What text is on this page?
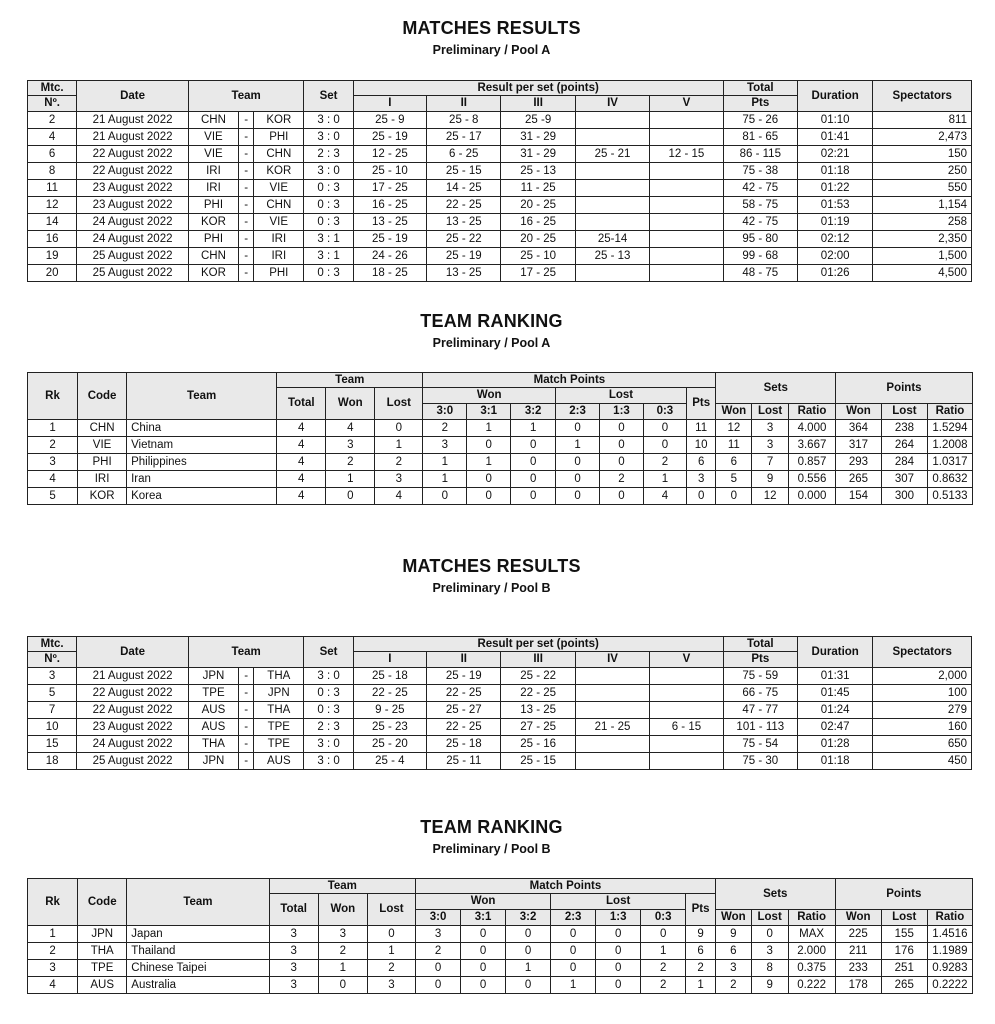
MATCHES RESULTS
Preliminary / Pool A
Mtc.	Date	Team			Set	Result per set (points)					Total	Duration	Spectators
Nº.						I	II	III	IV	V	Pts		
2	21 August 2022	CHN	-	KOR	3 : 0	25 - 9	25 - 8	25 -9			75 - 26	01:10	811
4	21 August 2022	VIE	-	PHI	3 : 0	25 - 19	25 - 17	31 - 29			81 - 65	01:41	2,473
6	22 August 2022	VIE	-	CHN	2 : 3	12 - 25	6 - 25	31 - 29	25 - 21	12 - 15	86 - 115	02:21	150
8	22 August 2022	IRI	-	KOR	3 : 0	25 - 10	25 - 15	25 - 13			75 - 38	01:18	250
11	23 August 2022	IRI	-	VIE	0 : 3	17 - 25	14 - 25	11 - 25			42 - 75	01:22	550
12	23 August 2022	PHI	-	CHN	0 : 3	16 - 25	22 - 25	20 - 25			58 - 75	01:53	1,154
14	24 August 2022	KOR	-	VIE	0 : 3	13 - 25	13 - 25	16 - 25			42 - 75	01:19	258
16	24 August 2022	PHI	-	IRI	3 : 1	25 - 19	25 - 22	20 - 25	25-14		95 - 80	02:12	2,350
19	25 August 2022	CHN	-	IRI	3 : 1	24 - 26	25 - 19	25 - 10	25 - 13		99 - 68	02:00	1,500
20	25 August 2022	KOR	-	PHI	0 : 3	18 - 25	13 - 25	17 - 25			48 - 75	01:26	4,500
TEAM RANKING
Preliminary / Pool A
Rk	Code	Team	Team			Match Points							Sets			Points		
			Total	Won	Lost	Won			Lost			Pts						
						3:0	3:1	3:2	2:3	1:3	0:3		Won	Lost	Ratio	Won	Lost	Ratio
1	CHN	China	4	4	0	2	1	1	0	0	0	11	12	3	4.000	364	238	1.5294
2	VIE	Vietnam	4	3	1	3	0	0	1	0	0	10	11	3	3.667	317	264	1.2008
3	PHI	Philippines	4	2	2	1	1	0	0	0	2	6	6	7	0.857	293	284	1.0317
4	IRI	Iran	4	1	3	1	0	0	0	2	1	3	5	9	0.556	265	307	0.8632
5	KOR	Korea	4	0	4	0	0	0	0	0	4	0	0	12	0.000	154	300	0.5133
MATCHES RESULTS
Preliminary / Pool B
Mtc.	Date	Team			Set	Result per set (points)					Total	Duration	Spectators
Nº.						I	II	III	IV	V	Pts		
3	21 August 2022	JPN	-	THA	3 : 0	25 - 18	25 - 19	25 - 22			75 - 59	01:31	2,000
5	22 August 2022	TPE	-	JPN	0 : 3	22 - 25	22 - 25	22 - 25			66 - 75	01:45	100
7	22 August 2022	AUS	-	THA	0 : 3	9 - 25	25 - 27	13 - 25			47 - 77	01:24	279
10	23 August 2022	AUS	-	TPE	2 : 3	25 - 23	22 - 25	27 - 25	21 - 25	6 - 15	101 - 113	02:47	160
15	24 August 2022	THA	-	TPE	3 : 0	25 - 20	25 - 18	25 - 16			75 - 54	01:28	650
18	25 August 2022	JPN	-	AUS	3 : 0	25 - 4	25 - 11	25 - 15			75 - 30	01:18	450
TEAM RANKING
Preliminary / Pool B
Rk	Code	Team	Team			Match Points							Sets			Points		
			Total	Won	Lost	Won			Lost			Pts						
						3:0	3:1	3:2	2:3	1:3	0:3		Won	Lost	Ratio	Won	Lost	Ratio
1	JPN	Japan	3	3	0	3	0	0	0	0	0	9	9	0	MAX	225	155	1.4516
2	THA	Thailand	3	2	1	2	0	0	0	0	1	6	6	3	2.000	211	176	1.1989
3	TPE	Chinese Taipei	3	1	2	0	0	1	0	0	2	2	3	8	0.375	233	251	0.9283
4	AUS	Australia	3	0	3	0	0	0	1	0	2	1	2	9	0.222	178	265	0.2222
